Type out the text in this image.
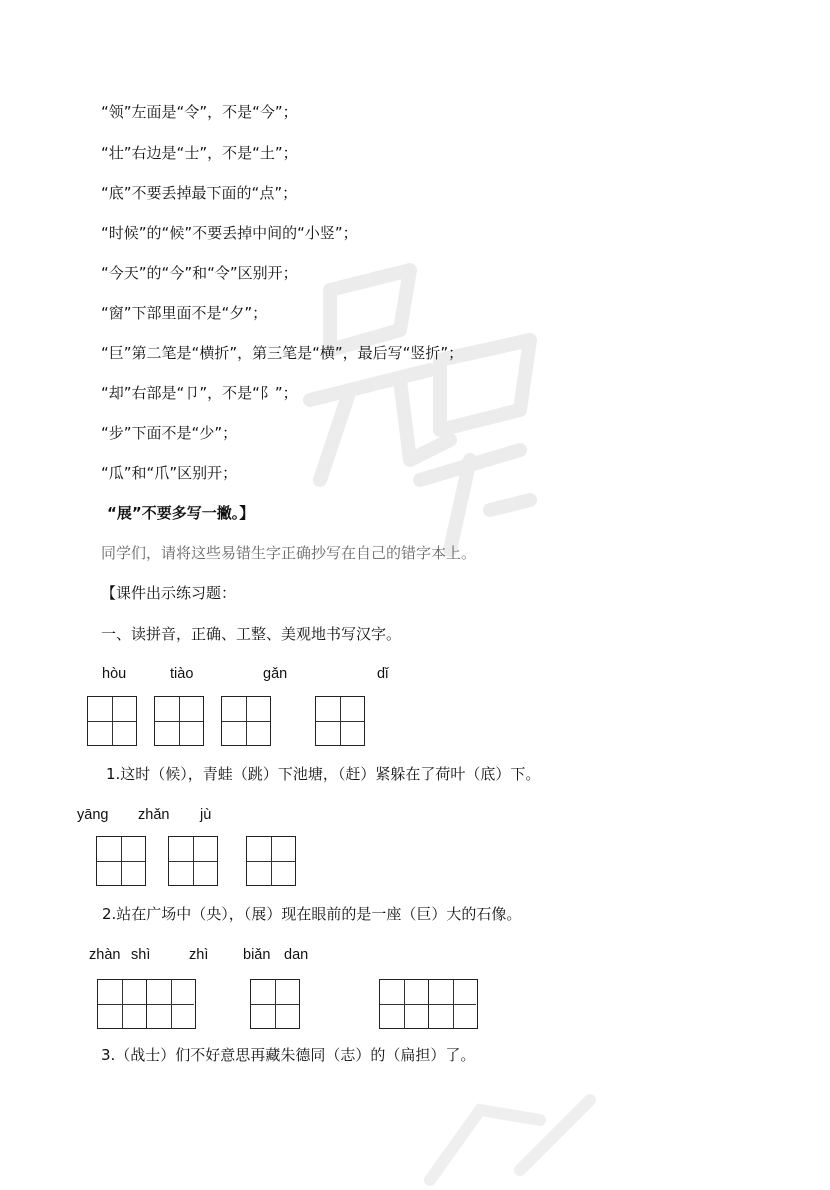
“领”左面是“令”，不是“今”；
“壮”右边是“士”，不是“土”；
“底”不要丢掉最下面的“点”；
“时候”的“候”不要丢掉中间的“小竖”；
“今天”的“今”和“令”区别开；
“窗”下部里面不是“夕”；
“巨”第二笔是“横折”，第三笔是“横”，最后写“竖折”；
“却”右部是“卩”，不是“阝”；
“步”下面不是“少”；
“瓜”和“爪”区别开；
“展”不要多写一撇。】
同学们，请将这些易错生字正确抄写在自己的错字本上。
【课件出示练习题：
一、读拼音，正确、工整、美观地书写汉字。
hòu	tiào	gǎn	dǐ
1.这时（候），青蛙（跳）下池塘，（赶）紧躲在了荷叶（底）下。
yāng zhǎn jù
2.站在广场中（央），（展）现在眼前的是一座（巨）大的石像。
zhàn shì	zhì biǎn dan
3.（战士）们不好意思再藏朱德同（志）的（扁担）了。
